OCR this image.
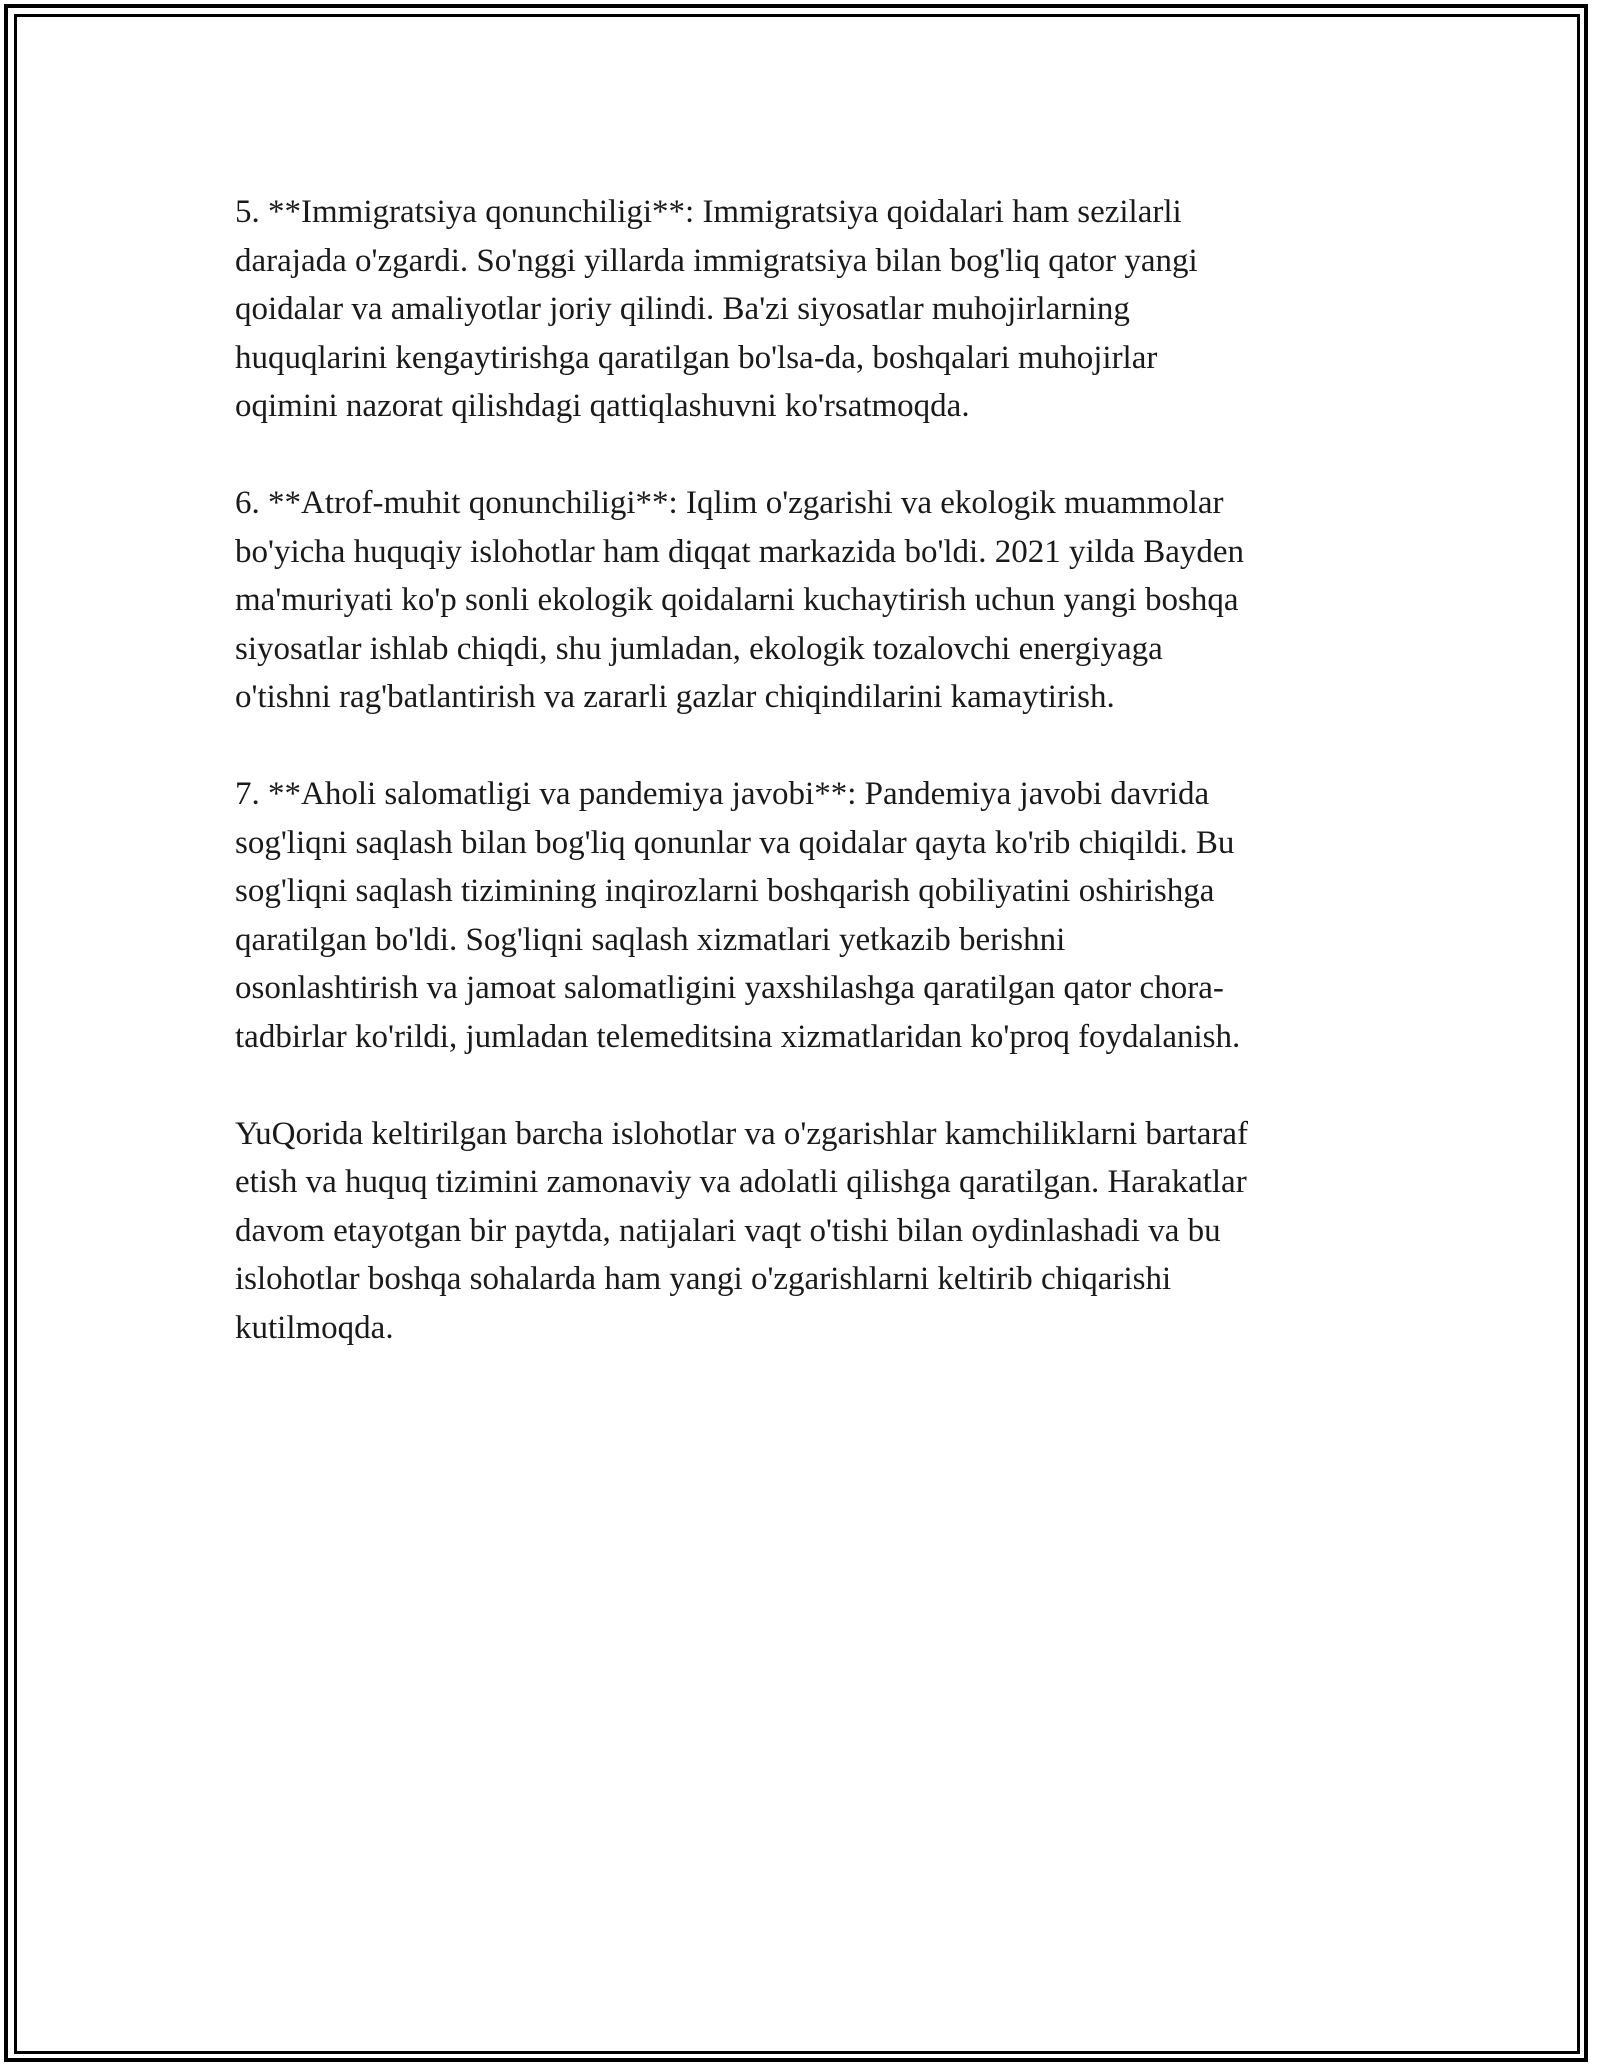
5. **Immigratsiya qonunchiligi**: Immigratsiya qoidalari ham sezilarli
darajada o'zgardi. So'nggi yillarda immigratsiya bilan bog'liq qator yangi
qoidalar va amaliyotlar joriy qilindi. Ba'zi siyosatlar muhojirlarning
huquqlarini kengaytirishga qaratilgan bo'lsa-da, boshqalari muhojirlar
oqimini nazorat qilishdagi qattiqlashuvni ko'rsatmoqda.

6. **Atrof-muhit qonunchiligi**: Iqlim o'zgarishi va ekologik muammolar
bo'yicha huquqiy islohotlar ham diqqat markazida bo'ldi. 2021 yilda Bayden
ma'muriyati ko'p sonli ekologik qoidalarni kuchaytirish uchun yangi boshqa
siyosatlar ishlab chiqdi, shu jumladan, ekologik tozalovchi energiyaga
o'tishni rag'batlantirish va zararli gazlar chiqindilarini kamaytirish.

7. **Aholi salomatligi va pandemiya javobi**: Pandemiya javobi davrida
sog'liqni saqlash bilan bog'liq qonunlar va qoidalar qayta ko'rib chiqildi. Bu
sog'liqni saqlash tizimining inqirozlarni boshqarish qobiliyatini oshirishga
qaratilgan bo'ldi. Sog'liqni saqlash xizmatlari yetkazib berishni
osonlashtirish va jamoat salomatligini yaxshilashga qaratilgan qator chora-
tadbirlar ko'rildi, jumladan telemeditsina xizmatlaridan ko'proq foydalanish.

YuQorida keltirilgan barcha islohotlar va o'zgarishlar kamchiliklarni bartaraf
etish va huquq tizimini zamonaviy va adolatli qilishga qaratilgan. Harakatlar
davom etayotgan bir paytda, natijalari vaqt o'tishi bilan oydinlashadi va bu
islohotlar boshqa sohalarda ham yangi o'zgarishlarni keltirib chiqarishi
kutilmoqda.
